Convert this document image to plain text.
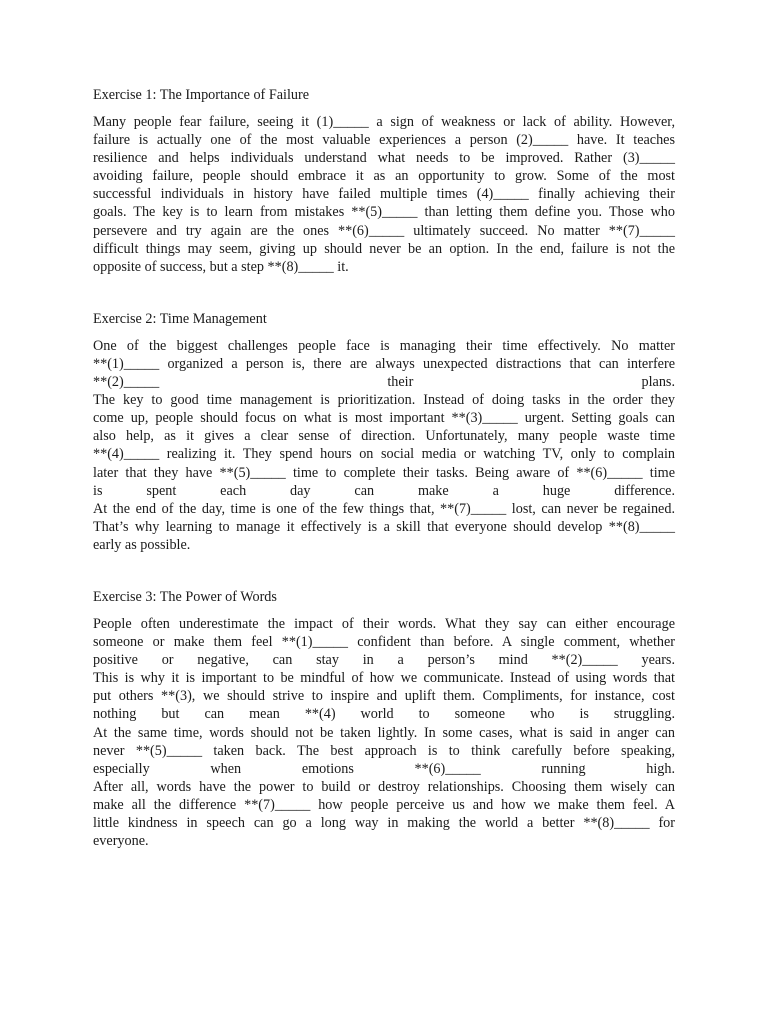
Exercise 1: The Importance of Failure
Many people fear failure, seeing it (1)_____ a sign of weakness or lack of ability. However,
failure is actually one of the most valuable experiences a person (2)_____ have. It teaches
resilience and helps individuals understand what needs to be improved. Rather (3)_____
avoiding failure, people should embrace it as an opportunity to grow. Some of the most
successful individuals in history have failed multiple times (4)_____ finally achieving their
goals. The key is to learn from mistakes **(5)_____ than letting them define you. Those who
persevere and try again are the ones **(6)_____ ultimately succeed. No matter **(7)_____
difficult things may seem, giving up should never be an option. In the end, failure is not the
opposite of success, but a step **(8)_____ it.
Exercise 2: Time Management
One of the biggest challenges people face is managing their time effectively. No matter
**(1)_____ organized a person is, there are always unexpected distractions that can interfere
**(2)_____ their plans.
The key to good time management is prioritization. Instead of doing tasks in the order they
come up, people should focus on what is most important **(3)_____ urgent. Setting goals can
also help, as it gives a clear sense of direction. Unfortunately, many people waste time
**(4)_____ realizing it. They spend hours on social media or watching TV, only to complain
later that they have **(5)_____ time to complete their tasks. Being aware of **(6)_____ time
is spent each day can make a huge difference.
At the end of the day, time is one of the few things that, **(7)_____ lost, can never be regained.
That’s why learning to manage it effectively is a skill that everyone should develop **(8)_____
early as possible.
Exercise 3: The Power of Words
People often underestimate the impact of their words. What they say can either encourage
someone or make them feel **(1)_____ confident than before. A single comment, whether
positive or negative, can stay in a person’s mind **(2)_____ years.
This is why it is important to be mindful of how we communicate. Instead of using words that
put others **(3), we should strive to inspire and uplift them. Compliments, for instance, cost
nothing but can mean **(4) world to someone who is struggling.
At the same time, words should not be taken lightly. In some cases, what is said in anger can
never **(5)_____ taken back. The best approach is to think carefully before speaking,
especially when emotions **(6)_____ running high.
After all, words have the power to build or destroy relationships. Choosing them wisely can
make all the difference **(7)_____ how people perceive us and how we make them feel. A
little kindness in speech can go a long way in making the world a better **(8)_____ for
everyone.
